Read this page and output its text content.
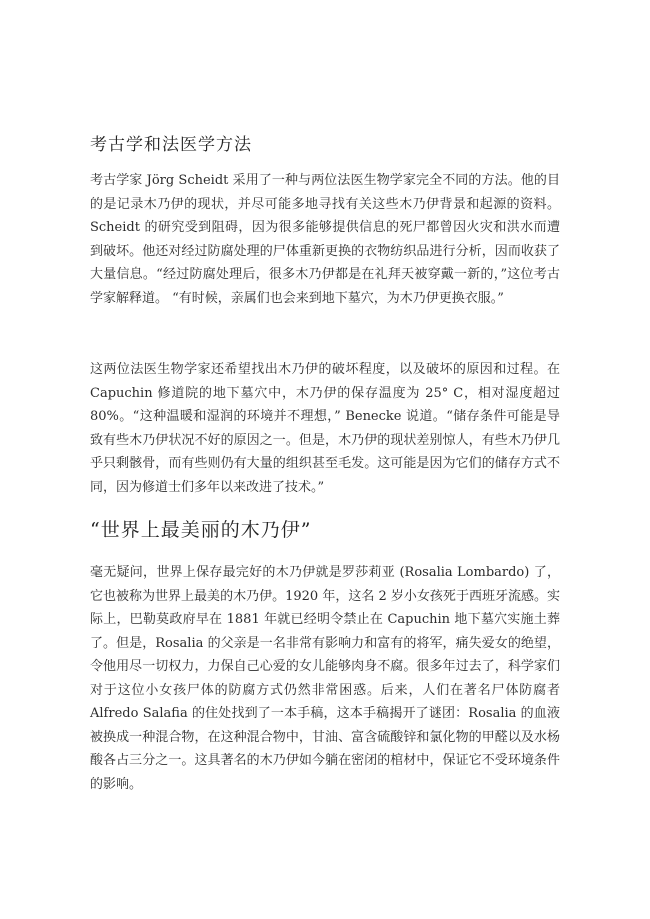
考古学和法医学方法

考古学家 Jörg Scheidt 采用了一种与两位法医生物学家完全不同的方法。他的目的是记录木乃伊的现状，并尽可能多地寻找有关这些木乃伊背景和起源的资料。Scheidt 的研究受到阻碍，因为很多能够提供信息的死尸都曾因火灾和洪水而遭到破坏。他还对经过防腐处理的尸体重新更换的衣物纺织品进行分析，因而收获了大量信息。“经过防腐处理后，很多木乃伊都是在礼拜天被穿戴一新的，”这位考古学家解释道。 “有时候，亲属们也会来到地下墓穴，为木乃伊更换衣服。”

这两位法医生物学家还希望找出木乃伊的破坏程度，以及破坏的原因和过程。在 Capuchin 修道院的地下墓穴中，木乃伊的保存温度为 25° C，相对湿度超过 80%。“这种温暖和湿润的环境并不理想，” Benecke 说道。“储存条件可能是导致有些木乃伊状况不好的原因之一。但是，木乃伊的现状差别惊人，有些木乃伊几乎只剩骸骨，而有些则仍有大量的组织甚至毛发。这可能是因为它们的储存方式不同，因为修道士们多年以来改进了技术。”

“世界上最美丽的木乃伊”

毫无疑问，世界上保存最完好的木乃伊就是罗莎莉亚 (Rosalia Lombardo) 了，它也被称为世界上最美的木乃伊。1920 年，这名 2 岁小女孩死于西班牙流感。实际上，巴勒莫政府早在 1881 年就已经明令禁止在 Capuchin 地下墓穴实施土葬了。但是，Rosalia 的父亲是一名非常有影响力和富有的将军，痛失爱女的绝望，令他用尽一切权力，力保自己心爱的女儿能够肉身不腐。很多年过去了，科学家们对于这位小女孩尸体的防腐方式仍然非常困惑。后来，人们在著名尸体防腐者 Alfredo Salafia 的住处找到了一本手稿，这本手稿揭开了谜团：Rosalia 的血液被换成一种混合物，在这种混合物中，甘油、富含硫酸锌和氯化物的甲醛以及水杨酸各占三分之一。这具著名的木乃伊如今躺在密闭的棺材中，保证它不受环境条件的影响。
